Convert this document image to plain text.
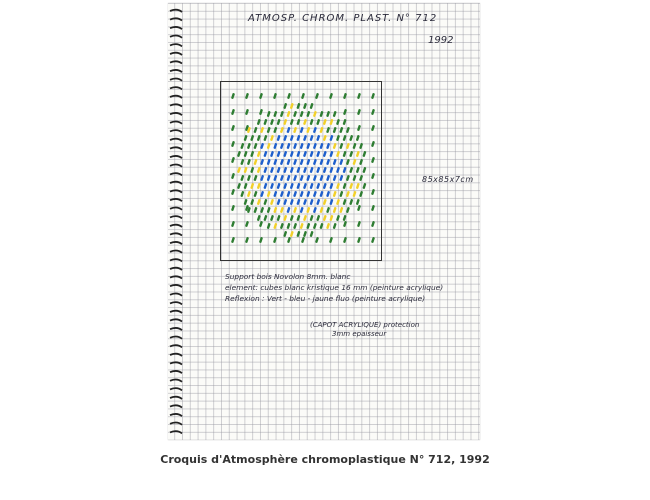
ATMOSP. CHROM. PLAST. N° 712
1992
85x85x7cm
Support bois Novolon 8mm. blanc
element: cubes blanc kristique 16 mm (peinture acrylique)
Reflexion : Vert - bleu - jaune fluo (peinture acrylique)
(CAPOT ACRYLIQUE) protection
3mm epaisseur
Croquis d'Atmosphère chromoplastique N° 712, 1992
